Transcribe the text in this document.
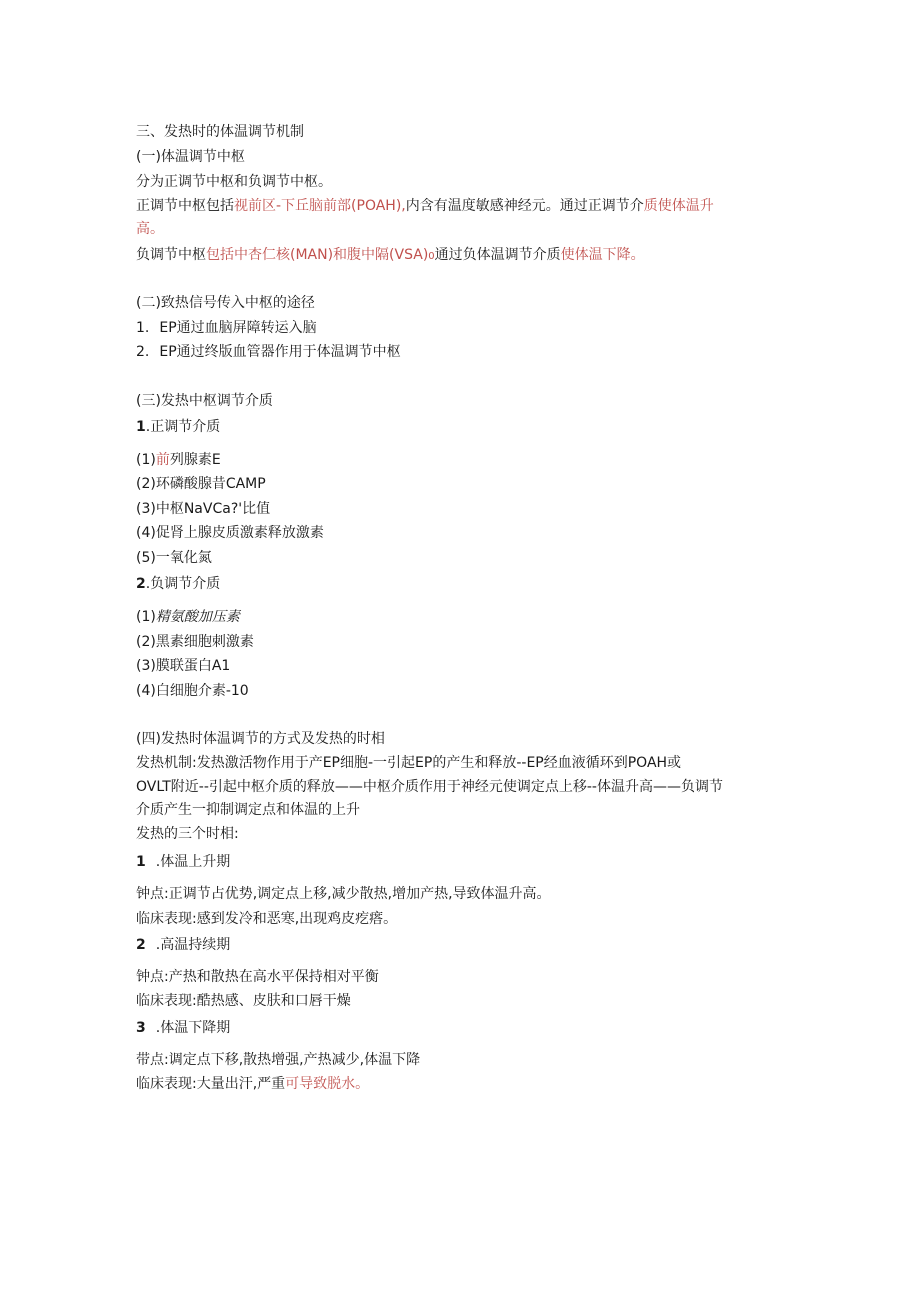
三、发热时的体温调节机制
(一)体温调节中枢
分为正调节中枢和负调节中枢。
正调节中枢包括视前区-下丘脑前部(POAH),内含有温度敏感神经元。通过正调节介质使体温升
高。
负调节中枢包括中杏仁核(MAN)和腹中隔(VSA)0通过负体温调节介质使体温下降。
(二)致热信号传入中枢的途径
1. EP通过血脑屏障转运入脑
2. EP通过终版血管器作用于体温调节中枢
(三)发热中枢调节介质
1.正调节介质
(1)前列腺素E
(2)环磷酸腺昔CAMP
(3)中枢NaVCa?'比值
(4)促肾上腺皮质激素释放激素
(5)一氧化氮
2.负调节介质
(1)精氨酸加压素
(2)黑素细胞刺激素
(3)膜联蛋白A1
(4)白细胞介素-10
(四)发热时体温调节的方式及发热的时相
发热机制:发热激活物作用于产EP细胞-一引起EP的产生和释放--EP经血液循环到POAH或
OVLT附近--引起中枢介质的释放——中枢介质作用于神经元使调定点上移--体温升高——负调节
介质产生一抑制调定点和体温的上升
发热的三个时相:
1 .体温上升期
钟点:正调节占优势,调定点上移,减少散热,增加产热,导致体温升高。
临床表现:感到发冷和恶寒,出现鸡皮疙瘩。
2 .高温持续期
钟点:产热和散热在高水平保持相对平衡
临床表现:酷热感、皮肤和口唇干燥
3 .体温下降期
带点:调定点下移,散热增强,产热减少,体温下降
临床表现:大量出汗,严重可导致脱水。
